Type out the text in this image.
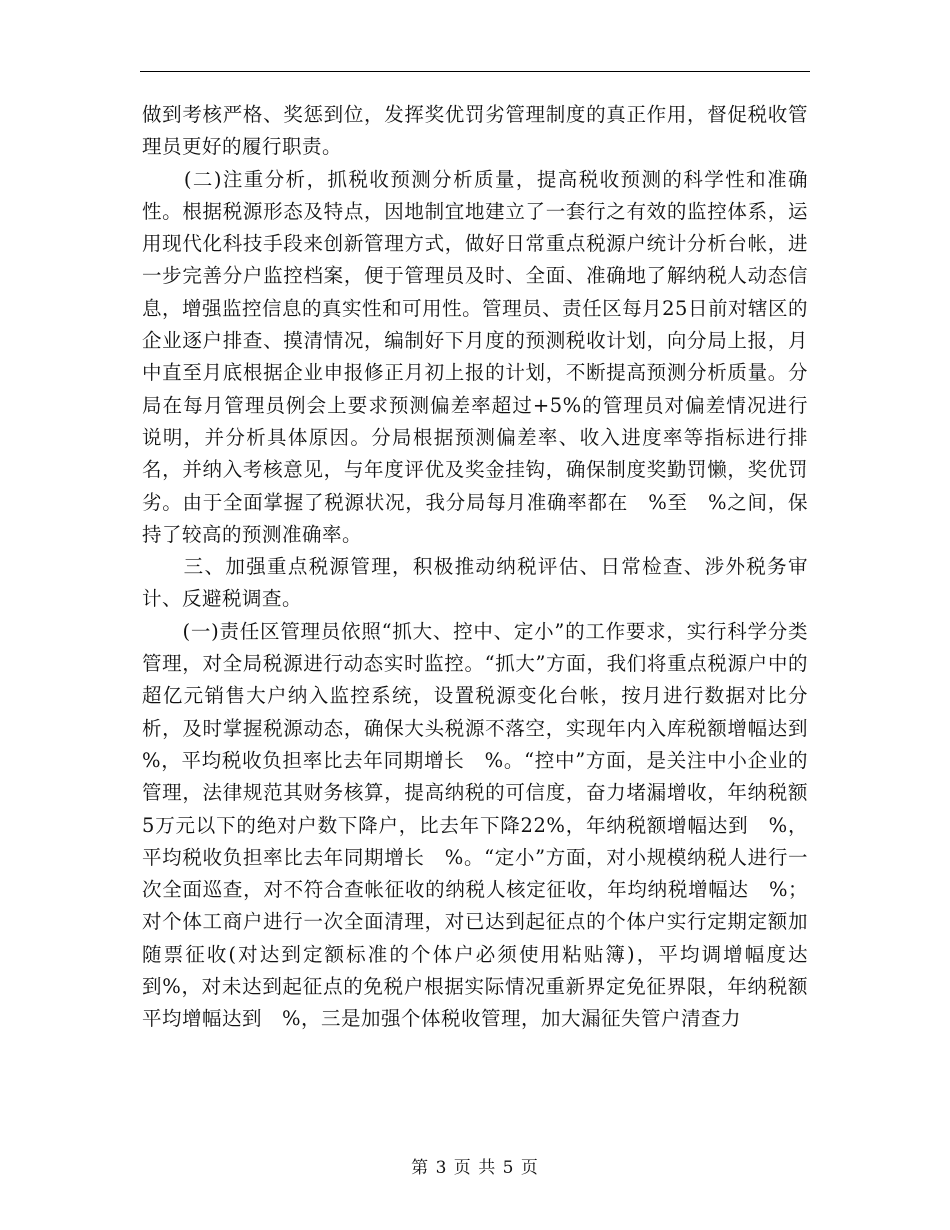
做到考核严格、奖惩到位，发挥奖优罚劣管理制度的真正作用，督促税收管理员更好的履行职责。

　　(二)注重分析，抓税收预测分析质量，提高税收预测的科学性和准确性。根据税源形态及特点，因地制宜地建立了一套行之有效的监控体系，运用现代化科技手段来创新管理方式，做好日常重点税源户统计分析台帐，进一步完善分户监控档案，便于管理员及时、全面、准确地了解纳税人动态信息，增强监控信息的真实性和可用性。管理员、责任区每月25日前对辖区的企业逐户排查、摸清情况，编制好下月度的预测税收计划，向分局上报，月中直至月底根据企业申报修正月初上报的计划，不断提高预测分析质量。分局在每月管理员例会上要求预测偏差率超过+5%的管理员对偏差情况进行说明，并分析具体原因。分局根据预测偏差率、收入进度率等指标进行排名，并纳入考核意见，与年度评优及奖金挂钩，确保制度奖勤罚懒，奖优罚劣。由于全面掌握了税源状况，我分局每月准确率都在　%至　%之间，保持了较高的预测准确率。

　　三、加强重点税源管理，积极推动纳税评估、日常检查、涉外税务审计、反避税调查。

　　(一)责任区管理员依照“抓大、控中、定小”的工作要求，实行科学分类管理，对全局税源进行动态实时监控。“抓大”方面，我们将重点税源户中的超亿元销售大户纳入监控系统，设置税源变化台帐，按月进行数据对比分析，及时掌握税源动态，确保大头税源不落空，实现年内入库税额增幅达到　%，平均税收负担率比去年同期增长　%。“控中”方面，是关注中小企业的管理，法律规范其财务核算，提高纳税的可信度，奋力堵漏增收，年纳税额5万元以下的绝对户数下降户，比去年下降22%，年纳税额增幅达到　%，平均税收负担率比去年同期增长　%。“定小”方面，对小规模纳税人进行一次全面巡查，对不符合查帐征收的纳税人核定征收，年均纳税增幅达　%；对个体工商户进行一次全面清理，对已达到起征点的个体户实行定期定额加随票征收(对达到定额标准的个体户必须使用粘贴簿)，平均调增幅度达到%，对未达到起征点的免税户根据实际情况重新界定免征界限，年纳税额平均增幅达到　%，三是加强个体税收管理，加大漏征失管户清查力

第 3 页 共 5 页
